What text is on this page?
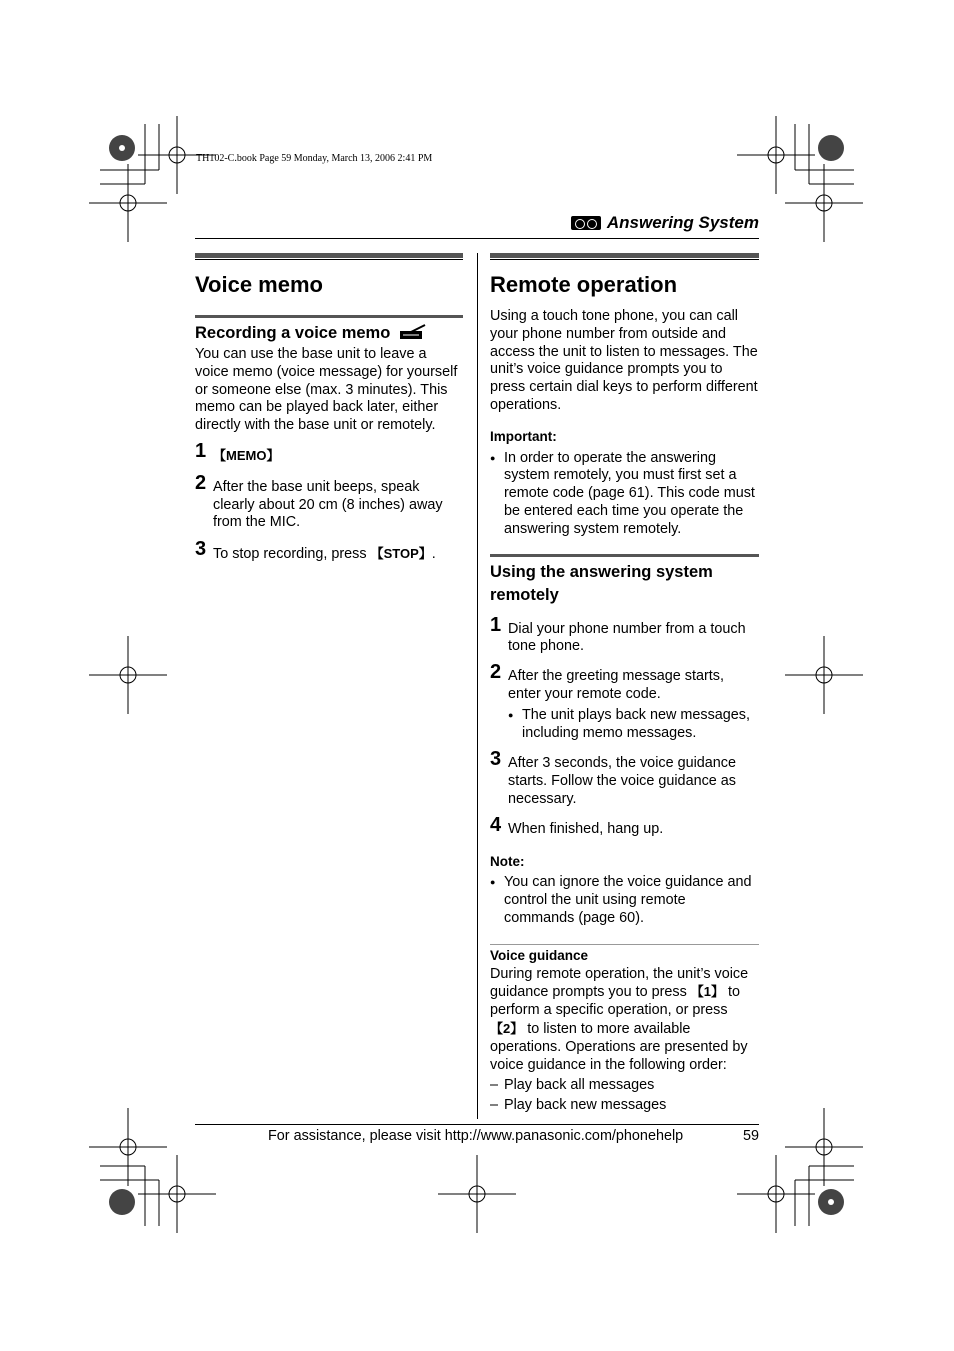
TH102-C.book Page 59 Monday, March 13, 2006 2:41 PM
Answering System
Voice memo
Recording a voice memo

You can use the base unit to leave a voice memo (voice message) for yourself or someone else (max. 3 minutes). This memo can be played back later, either directly with the base unit or remotely.

1 【MEMO】

2 After the base unit beeps, speak clearly about 20 cm (8 inches) away from the MIC.

3 To stop recording, press 【STOP】.

Remote operation

Using a touch tone phone, you can call your phone number from outside and access the unit to listen to messages. The unit’s voice guidance prompts you to press certain dial keys to perform different operations.

Important:

● In order to operate the answering system remotely, you must first set a remote code (page 61). This code must be entered each time you operate the answering system remotely.

Using the answering system remotely

1 Dial your phone number from a touch tone phone.

2 After the greeting message starts, enter your remote code.

● The unit plays back new messages, including memo messages.

3 After 3 seconds, the voice guidance starts. Follow the voice guidance as necessary.

4 When finished, hang up.

Note:

● You can ignore the voice guidance and control the unit using remote commands (page 60).

Voice guidance

During remote operation, the unit’s voice guidance prompts you to press 【1】 to perform a specific operation, or press 【2】 to listen to more available operations. Operations are presented by voice guidance in the following order:

– Play back all messages

– Play back new messages

For assistance, please visit http://www.panasonic.com/phonehelp	59
